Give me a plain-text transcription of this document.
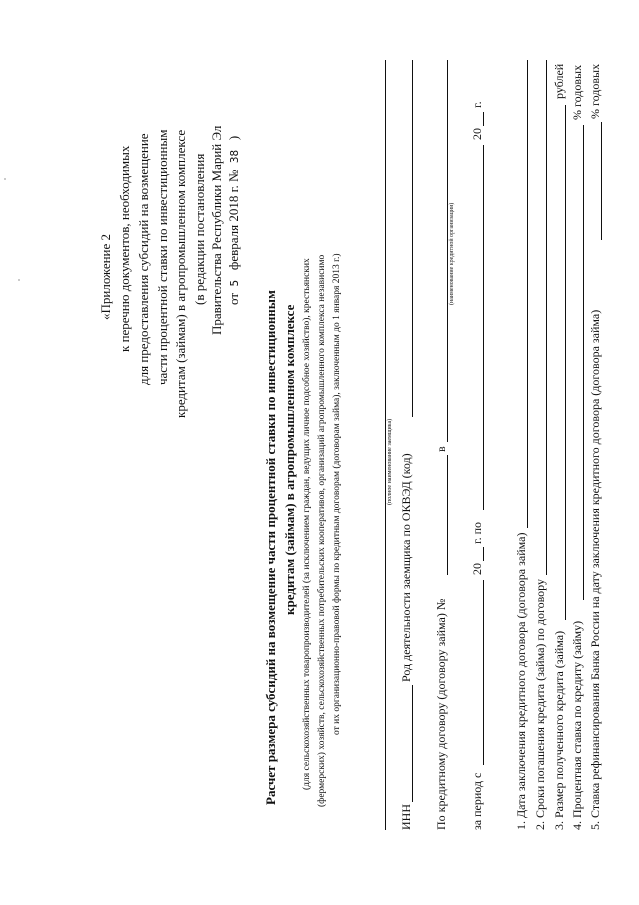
«Приложение 2 к перечню документов, необходимых для предоставления субсидий на возмещение части процентной ставки по инвестиционным кредитам (займам) в агропромышленном комплексе (в редакции постановления Правительства Республики Марий Эл от  5   февраля 2018 г. №  38   )
Расчет размера субсидий на возмещение части процентной ставки по инвестиционным кредитам (займам) в агропромышленном комплексе (для сельскохозяйственных товаропроизводителей (за исключением граждан, ведущих личное подсобное хозяйство), крестьянских (фермерских) хозяйств, сельскохозяйственных потребительских кооперативов, организаций агропромышленного комплекса независимо от их организационно-правовой формы по кредитным договорам (договорам займа), заключенным до 1 января 2013 г.)	(полное наименование заемщика)
ИНН
Род деятельности заемщика по ОКВЭД (код)
По кредитному договору (договору займа) №
в
(наименование кредитной организации)
за период с
20
г. по
20
г.
1. Дата заключения кредитного договора (договора займа) 2. Сроки погашения кредита (займа) по договору 3. Размер полученного кредита (займа)
рублей
4. Процентная ставка по кредиту (займу)
% годовых
5. Ставка рефинансирования Банка России на дату заключения кредитного договора (договора займа)
% годовых
